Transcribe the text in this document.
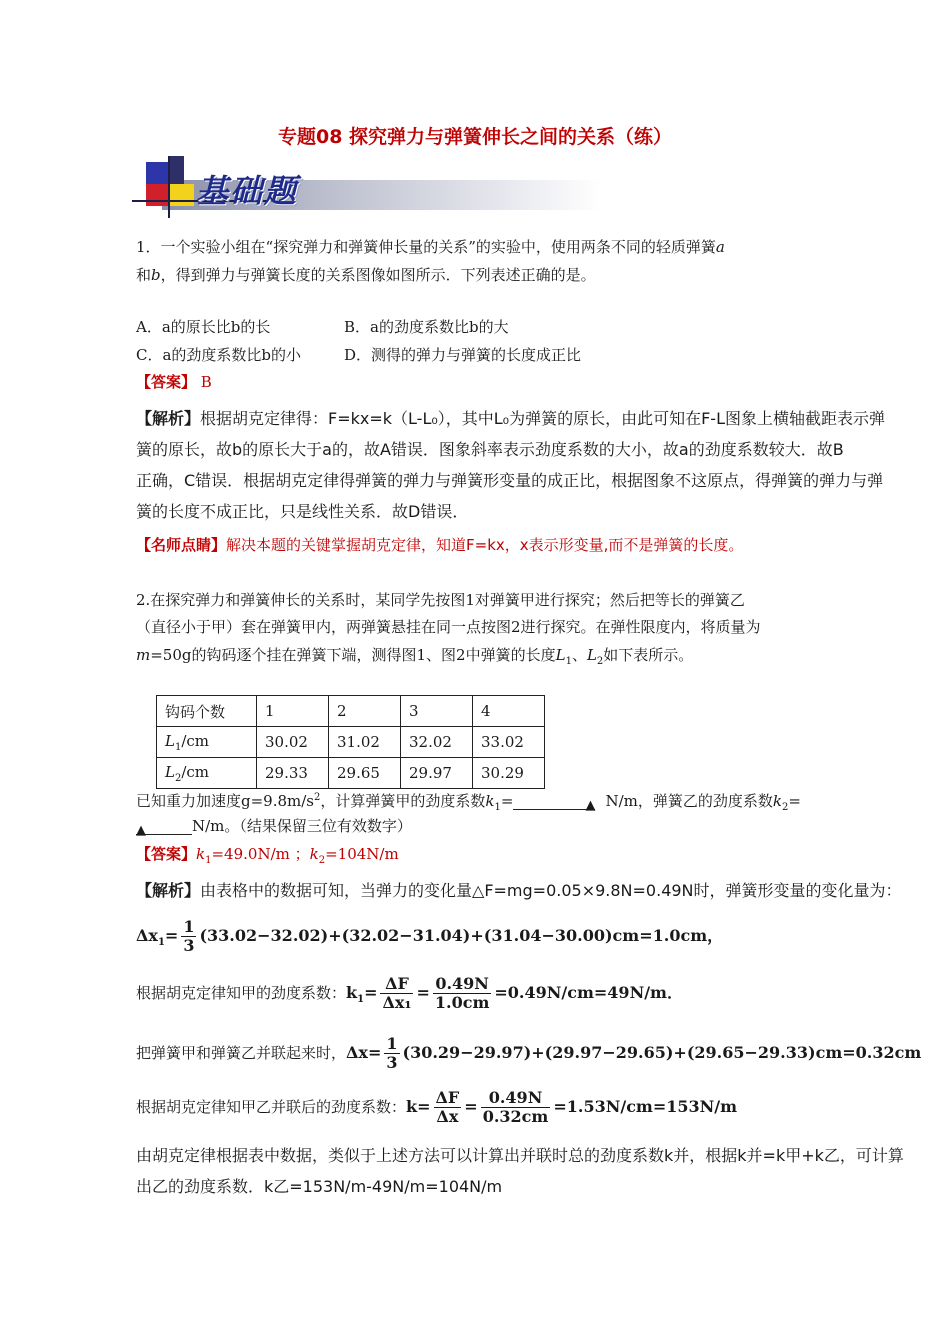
专题08 探究弹力与弹簧伸长之间的关系（练）
基础题
1．一个实验小组在“探究弹力和弹簧伸长量的关系”的实验中，使用两条不同的轻质弹簧a
和b，得到弹力与弹簧长度的关系图像如图所示．下列表述正确的是。
A．a的原长比b的长	B．a的劲度系数比b的大
C．a的劲度系数比b的小	D．测得的弹力与弹簧的长度成正比
【答案】 B
【解析】根据胡克定律得：F=kx=k（L-L₀），其中L₀为弹簧的原长，由此可知在F-L图象上横轴截距表示弹
簧的原长，故b的原长大于a的，故A错误．图象斜率表示劲度系数的大小，故a的劲度系数较大．故B
正确，C错误．根据胡克定律得弹簧的弹力与弹簧形变量的成正比，根据图象不这原点，得弹簧的弹力与弹
簧的长度不成正比，只是线性关系．故D错误．
【名师点睛】解决本题的关键掌握胡克定律，知道F=kx，x表示形变量,而不是弹簧的长度。
2.在探究弹力和弹簧伸长的关系时，某同学先按图1对弹簧甲进行探究；然后把等长的弹簧乙
（直径小于甲）套在弹簧甲内，两弹簧悬挂在同一点按图2进行探究。在弹性限度内，将质量为
m=50g的钩码逐个挂在弹簧下端，测得图1、图2中弹簧的长度$L_1$、$L_2$如下表所示。
钩码个数	1	2	3	4
$L_1/cm$	30.02	31.02	32.02	33.02
$L_2/cm$	29.33	29.65	29.97	30.29
已知重力加速度$g=9.8m/s^2$，计算弹簧甲的劲度系数$k_1=$	▲ N/m，弹簧乙的劲度系数$k_2=$
▲	N/m。（结果保留三位有效数字）
【答案】$k_1=49.0N/m$ ；$k_2=104N/m$
【解析】由表格中的数据可知，当弹力的变化量△F=mg=0.05×9.8N=0.49N时，弹簧形变量的变化量为：
$\Delta x_1= \frac{1}{3} (33.02-32.02)+(32.02-31.04)+(31.04-30.00)cm=1.0cm$，
根据胡克定律知甲的劲度系数：$k_1= \frac{\Delta F}{\text{Δx₁}} = \frac{0.49N}{1.0cm} =0.49N/cm=49N/m$．
把弹簧甲和弹簧乙并联起来时，$\Delta x= \frac{1}{3} (30.29-29.97)+(29.97-29.65)+(29.65-29.33)cm=0.32cm$
根据胡克定律知甲乙并联后的劲度系数：$k= \frac{\Delta F}{\Delta x} = \frac{0.49N}{0.32cm} =1.53N/cm=153N/m$
由胡克定律根据表中数据，类似于上述方法可以计算出并联时总的劲度系数k并，根据k并=k甲+k乙，可计算
出乙的劲度系数．k乙=153N/m-49N/m=104N/m
